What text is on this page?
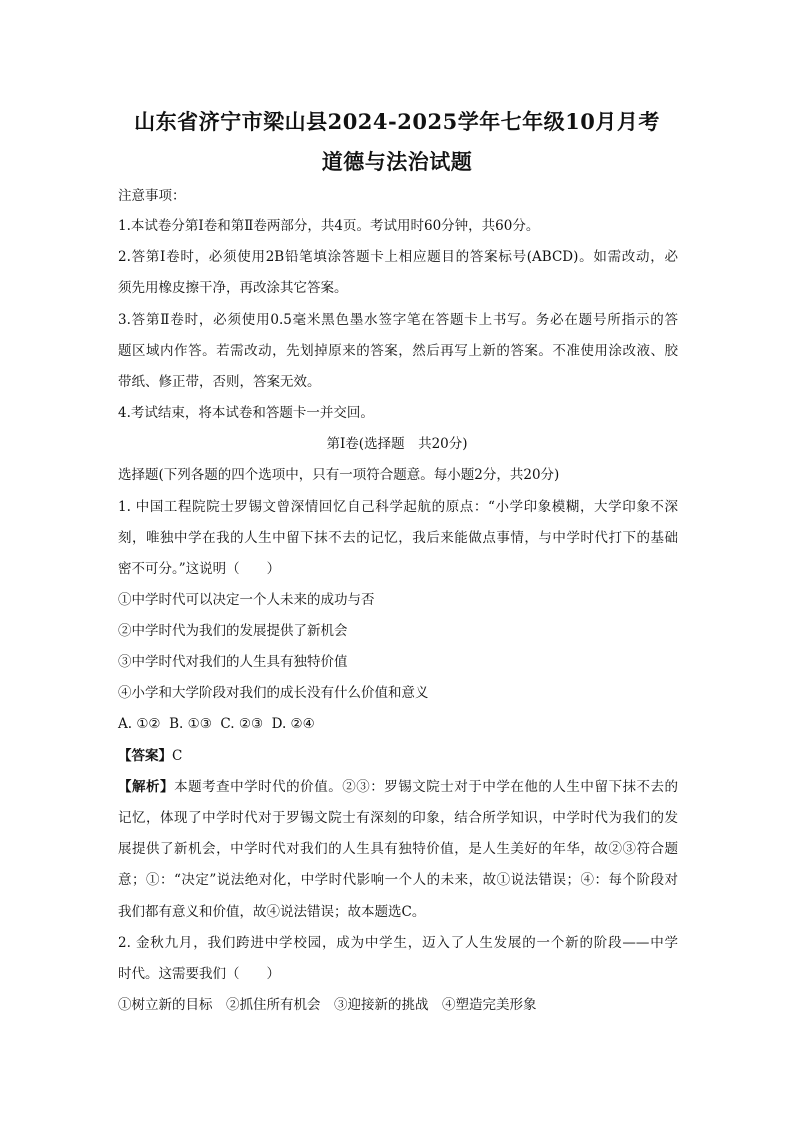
山东省济宁市梁山县2024-2025学年七年级10月月考
道德与法治试题
注意事项：
1.本试卷分第Ⅰ卷和第Ⅱ卷两部分，共4页。考试用时60分钟，共60分。
2.答第Ⅰ卷时，必须使用2B铅笔填涂答题卡上相应题目的答案标号(ABCD)。如需改动，必
须先用橡皮擦干净，再改涂其它答案。
3.答第Ⅱ卷时，必须使用0.5毫米黑色墨水签字笔在答题卡上书写。务必在题号所指示的答
题区域内作答。若需改动，先划掉原来的答案，然后再写上新的答案。不准使用涂改液、胶
带纸、修正带，否则，答案无效。
4.考试结束，将本试卷和答题卡一并交回。
第Ⅰ卷(选择题　共20分)
选择题(下列各题的四个选项中，只有一项符合题意。每小题2分，共20分)
1. 中国工程院院士罗锡文曾深情回忆自己科学起航的原点：“小学印象模糊，大学印象不深
刻，唯独中学在我的人生中留下抹不去的记忆，我后来能做点事情，与中学时代打下的基础
密不可分。”这说明（　　）
①中学时代可以决定一个人未来的成功与否
②中学时代为我们的发展提供了新机会
③中学时代对我们的人生具有独特价值
④小学和大学阶段对我们的成长没有什么价值和意义
A. ①②  B. ①③  C. ②③  D. ②④
【答案】C
【解析】本题考查中学时代的价值。②③：罗锡文院士对于中学在他的人生中留下抹不去的
记忆，体现了中学时代对于罗锡文院士有深刻的印象，结合所学知识，中学时代为我们的发
展提供了新机会，中学时代对我们的人生具有独特价值，是人生美好的年华，故②③符合题
意；①：“决定”说法绝对化，中学时代影响一个人的未来，故①说法错误；④：每个阶段对
我们都有意义和价值，故④说法错误；故本题选C。
2. 金秋九月，我们跨进中学校园，成为中学生，迈入了人生发展的一个新的阶段——中学
时代。这需要我们（　　）
①树立新的目标　②抓住所有机会　③迎接新的挑战　④塑造完美形象
